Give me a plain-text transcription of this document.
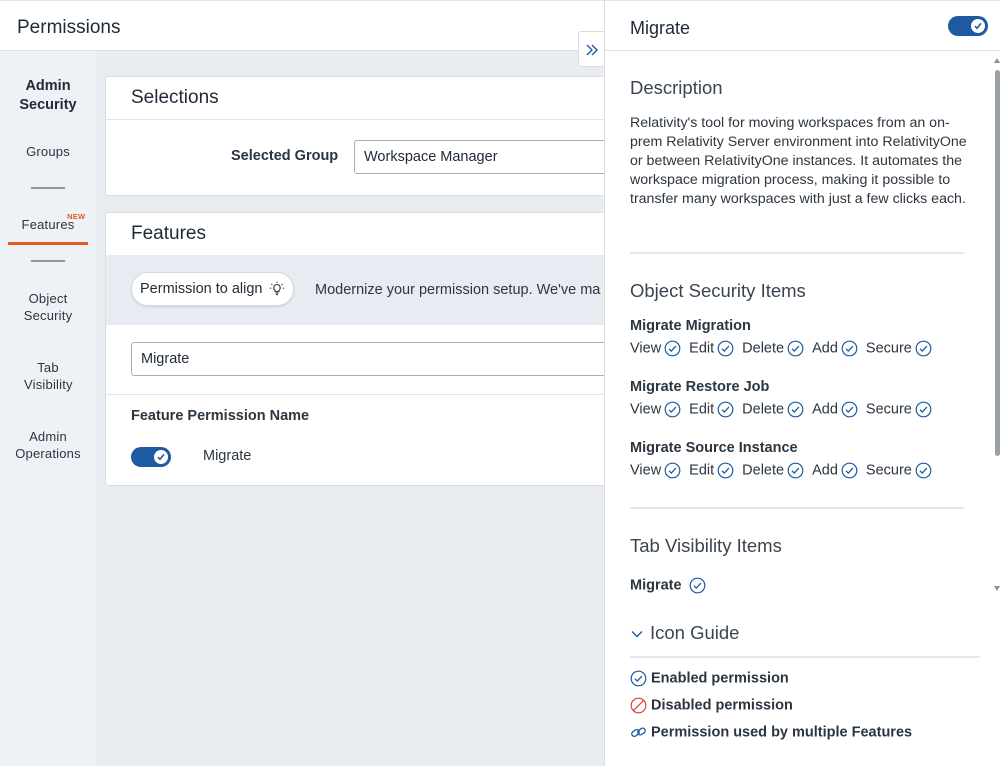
Permissions
Admin Security
Groups
NEW
Features
Object Security
Tab Visibility
Admin Operations
Selections
Selected Group	Workspace Manager
Features
Permission to align	Modernize your permission setup. We've ma
Migrate
Feature Permission Name
Migrate
Migrate
Description
Relativity's tool for moving workspaces from an on-prem Relativity Server environment into RelativityOne or between RelativityOne instances. It automates the workspace migration process, making it possible to transfer many workspaces with just a few clicks each.
Object Security Items
Migrate Migration
View Edit Delete Add Secure
Migrate Restore Job
View Edit Delete Add Secure
Migrate Source Instance
View Edit Delete Add Secure
Tab Visibility Items
Migrate
Icon Guide
Enabled permission
Disabled permission
Permission used by multiple Features
